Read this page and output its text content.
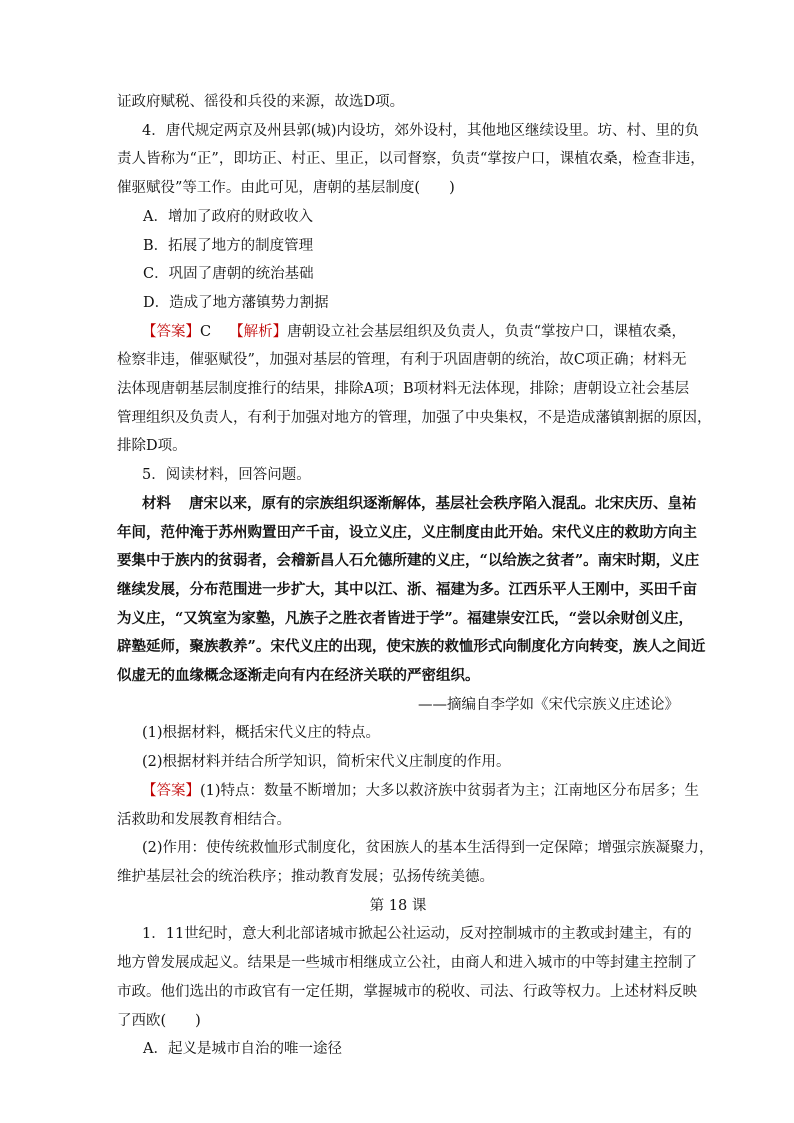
证政府赋税、徭役和兵役的来源，故选D项。

4．唐代规定两京及州县郭(城)内设坊，郊外设村，其他地区继续设里。坊、村、里的负

责人皆称为“正”，即坊正、村正、里正，以司督察，负责“掌按户口，课植农桑，检查非违，

催驱赋役”等工作。由此可见，唐朝的基层制度(　　)

A．增加了政府的财政收入

B．拓展了地方的制度管理

C．巩固了唐朝的统治基础

D．造成了地方藩镇势力割据

【答案】C 【解析】唐朝设立社会基层组织及负责人，负责“掌按户口，课植农桑，

检察非违，催驱赋役”，加强对基层的管理，有利于巩固唐朝的统治，故C项正确；材料无

法体现唐朝基层制度推行的结果，排除A项；B项材料无法体现，排除；唐朝设立社会基层

管理组织及负责人，有利于加强对地方的管理，加强了中央集权，不是造成藩镇割据的原因，

排除D项。

5．阅读材料，回答问题。

材料 唐宋以来，原有的宗族组织逐渐解体，基层社会秩序陷入混乱。北宋庆历、皇祐

年间，范仲淹于苏州购置田产千亩，设立义庄，义庄制度由此开始。宋代义庄的救助方向主

要集中于族内的贫弱者，会稽新昌人石允德所建的义庄，“以给族之贫者”。南宋时期，义庄

继续发展，分布范围进一步扩大，其中以江、浙、福建为多。江西乐平人王刚中，买田千亩

为义庄，“又筑室为家塾，凡族子之胜衣者皆进于学”。福建崇安江氏，“尝以余财创义庄，

辟塾延师，聚族教养”。宋代义庄的出现，使宋族的救恤形式向制度化方向转变，族人之间近

似虚无的血缘概念逐渐走向有内在经济关联的严密组织。

——摘编自李学如《宋代宗族义庄述论》

(1)根据材料，概括宋代义庄的特点。

(2)根据材料并结合所学知识，简析宋代义庄制度的作用。

【答案】(1)特点：数量不断增加；大多以救济族中贫弱者为主；江南地区分布居多；生

活救助和发展教育相结合。

(2)作用：使传统救恤形式制度化，贫困族人的基本生活得到一定保障；增强宗族凝聚力，

维护基层社会的统治秩序；推动教育发展；弘扬传统美德。

第 18 课

1．11世纪时，意大利北部诸城市掀起公社运动，反对控制城市的主教或封建主，有的

地方曾发展成起义。结果是一些城市相继成立公社，由商人和进入城市的中等封建主控制了

市政。他们选出的市政官有一定任期，掌握城市的税收、司法、行政等权力。上述材料反映

了西欧(　　)

A．起义是城市自治的唯一途径
